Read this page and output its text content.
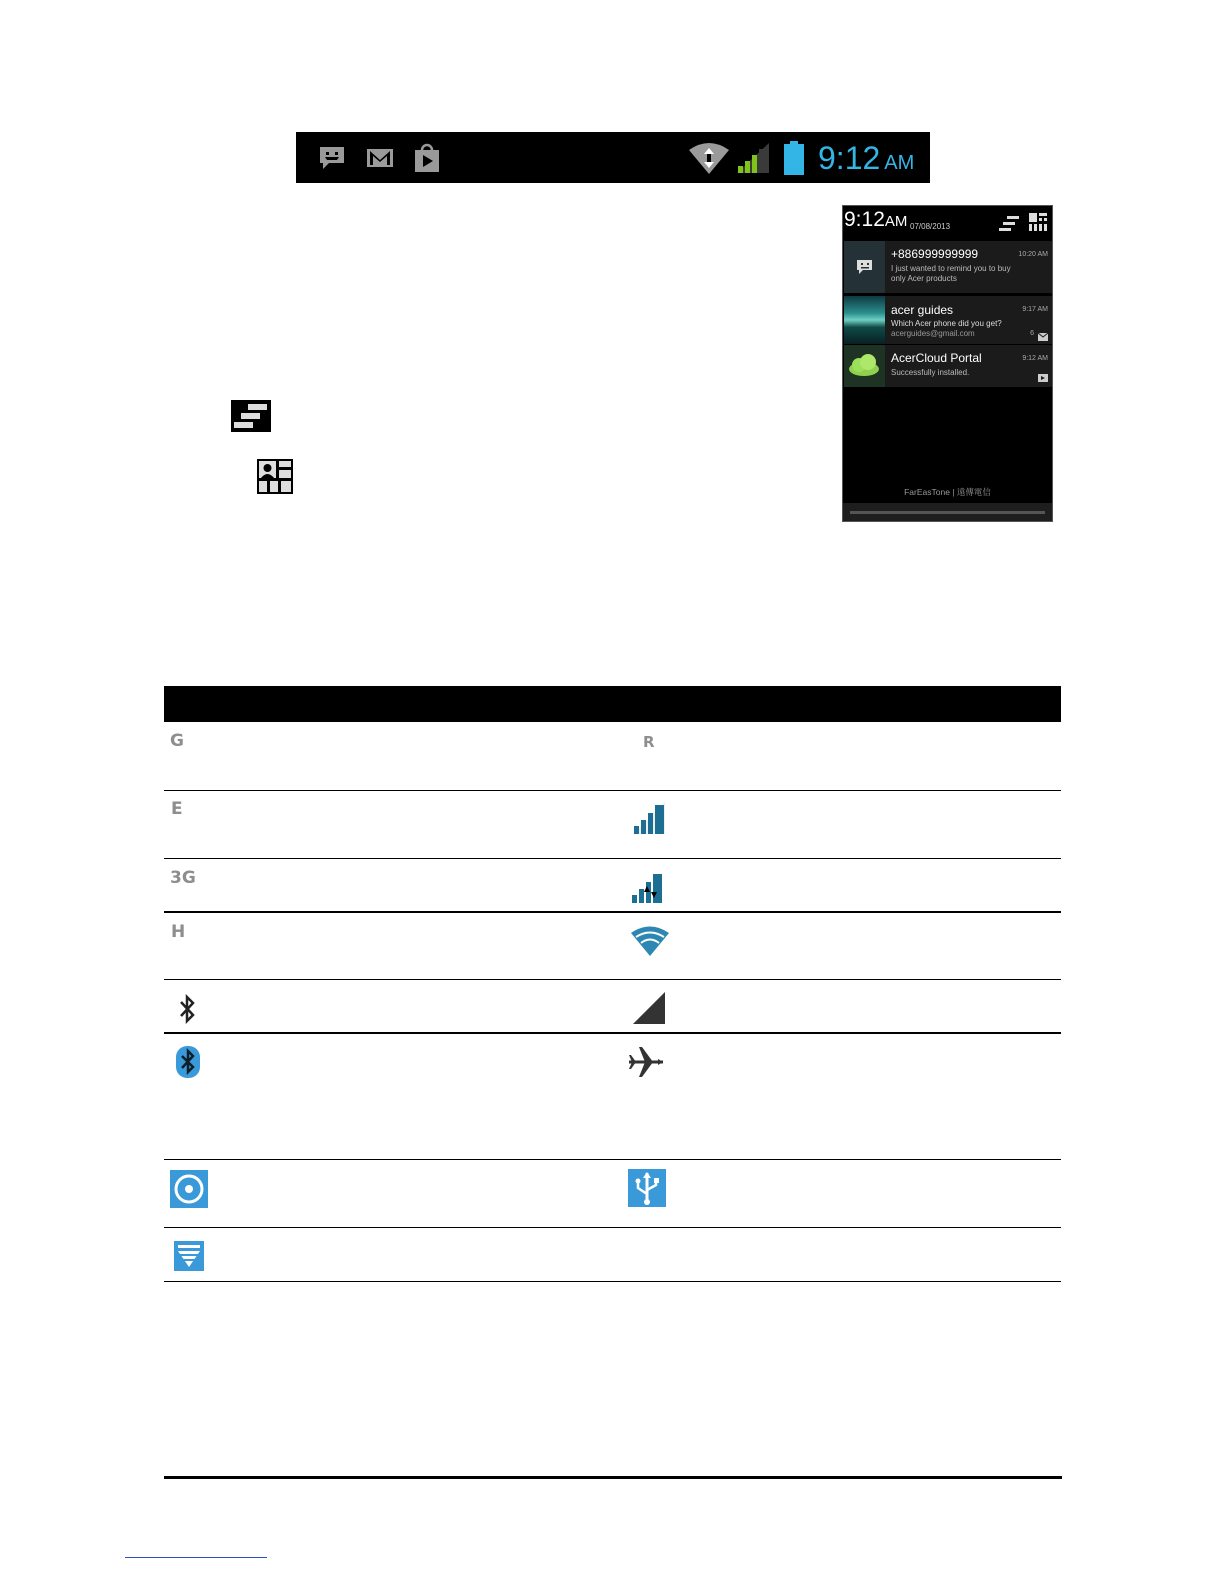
9:12 AM
9:12AM 07/08/2013
+886999999999	10:20 AM
I just wanted to remind you to buy
only Acer products
acer guides	9:17 AM
Which Acer phone did you get?
acerguides@gmail.com	6
AcerCloud Portal	9:12 AM
Successfully installed.
FarEasTone | 遠傳電信
G	R
E
3G
H
